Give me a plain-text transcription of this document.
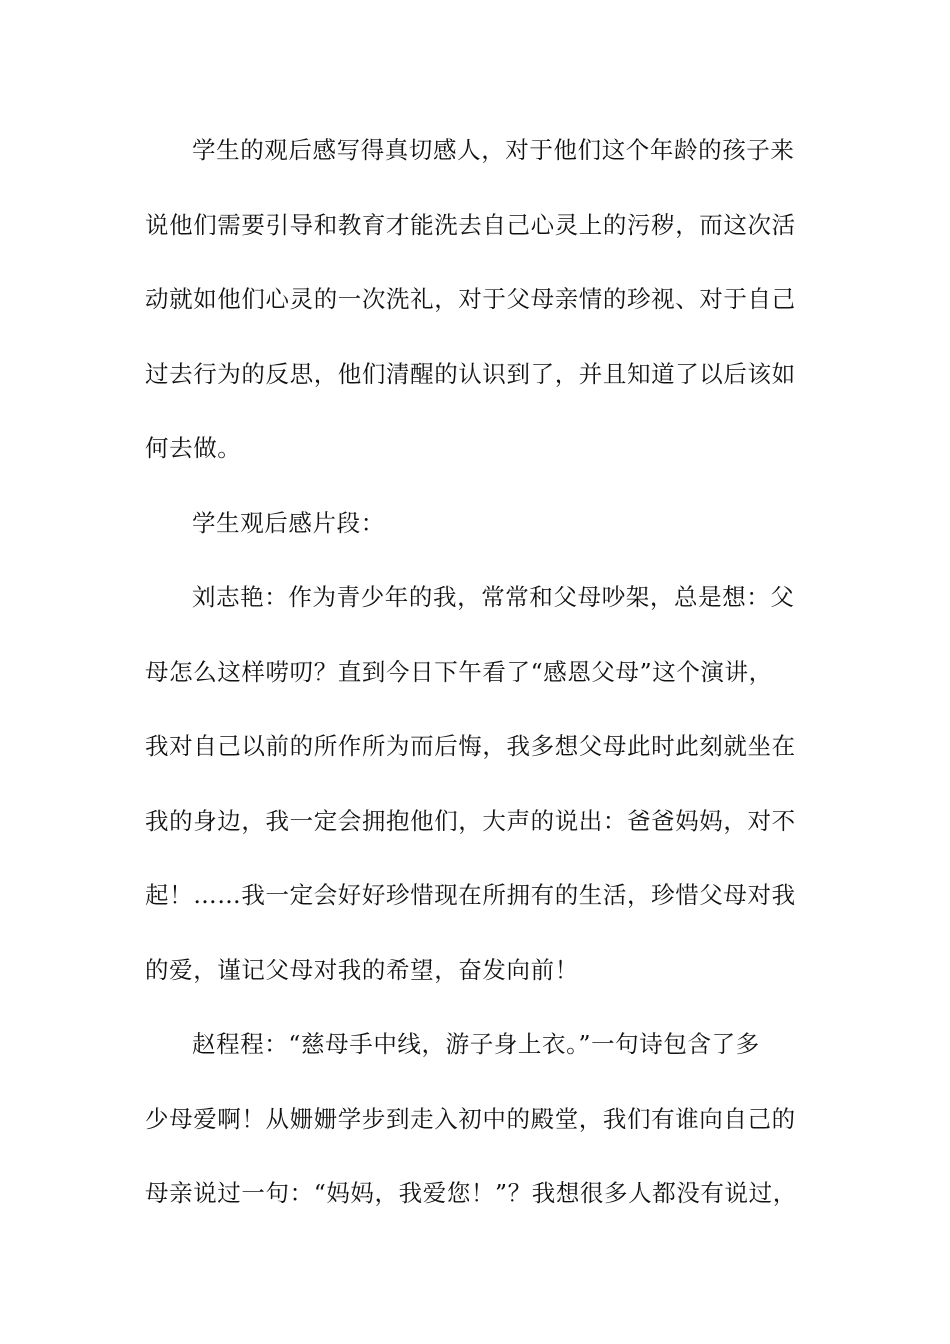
学生的观后感写得真切感人，对于他们这个年龄的孩子来
说他们需要引导和教育才能洗去自己心灵上的污秽，而这次活
动就如他们心灵的一次洗礼，对于父母亲情的珍视、对于自己
过去行为的反思，他们清醒的认识到了，并且知道了以后该如
何去做。
学生观后感片段：
刘志艳：作为青少年的我，常常和父母吵架，总是想：父
母怎么这样唠叨？直到今日下午看了“感恩父母”这个演讲，
我对自己以前的所作所为而后悔，我多想父母此时此刻就坐在
我的身边，我一定会拥抱他们，大声的说出：爸爸妈妈，对不
起！……我一定会好好珍惜现在所拥有的生活，珍惜父母对我
的爱，谨记父母对我的希望，奋发向前！
赵程程：“慈母手中线，游子身上衣。”一句诗包含了多
少母爱啊！从姗姗学步到走入初中的殿堂，我们有谁向自己的
母亲说过一句：“妈妈，我爱您！”？我想很多人都没有说过，
